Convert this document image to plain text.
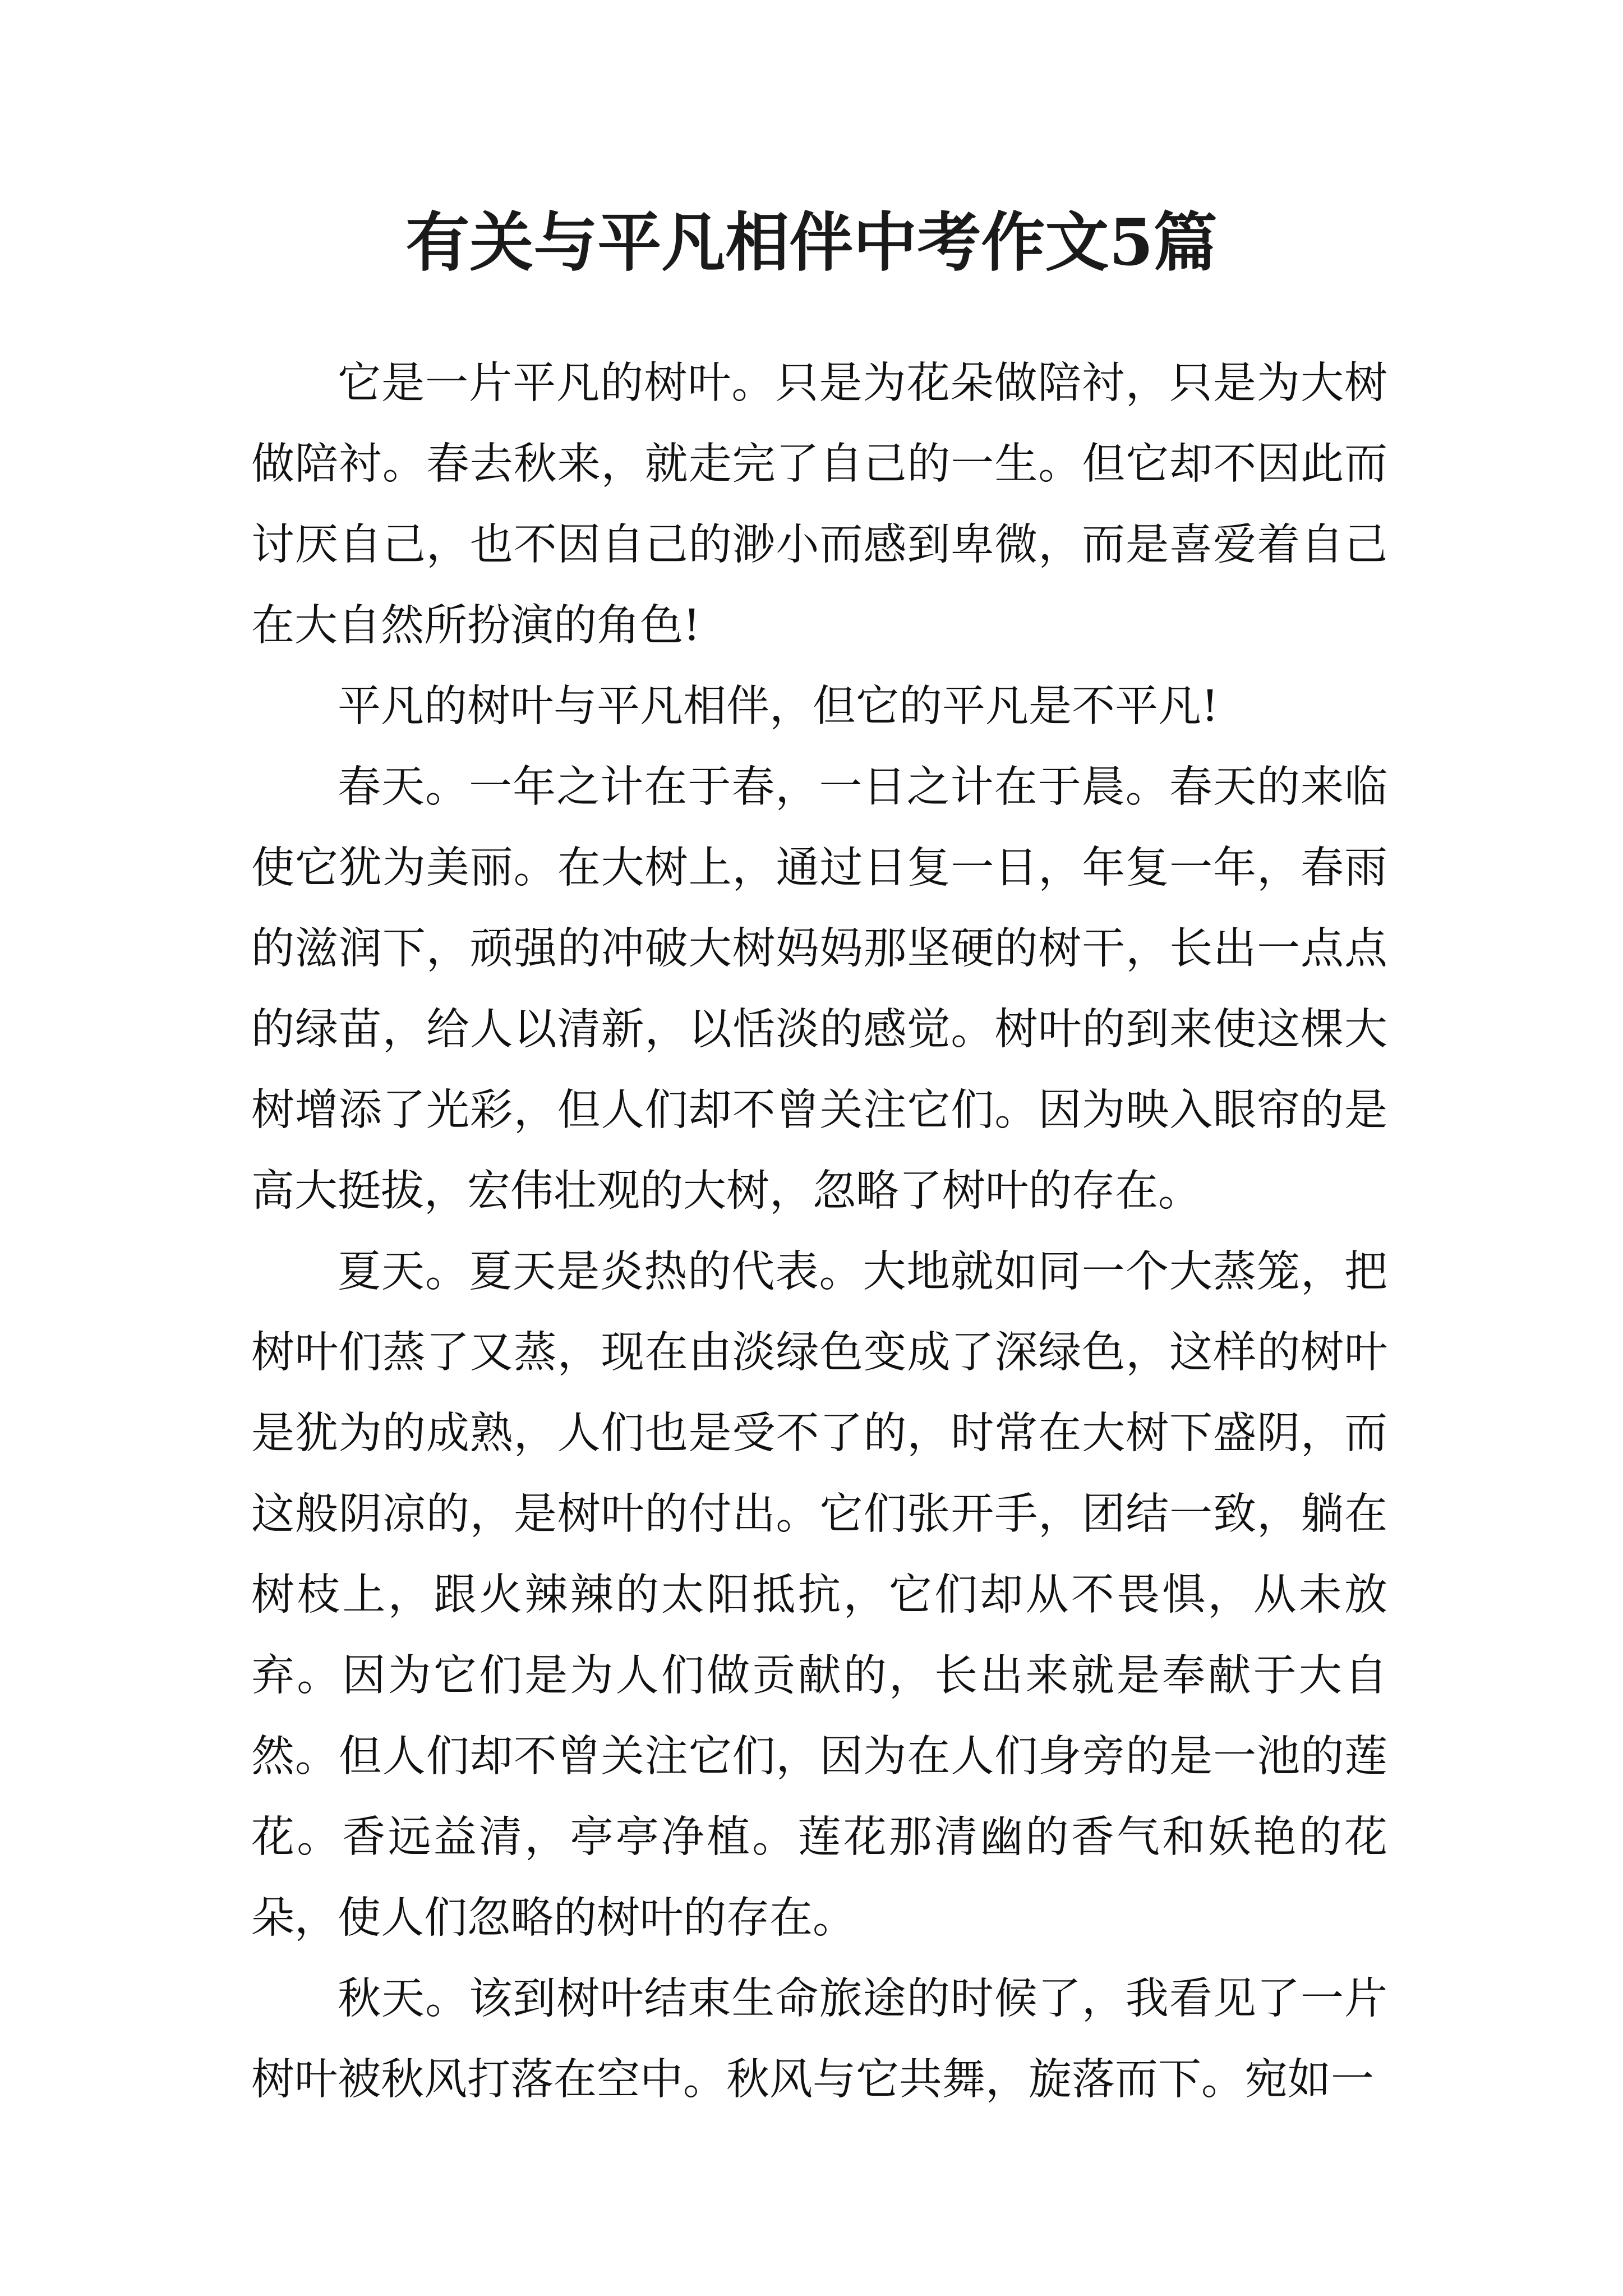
有关与平凡相伴中考作文5篇

它是一片平凡的树叶。只是为花朵做陪衬，只是为大树做陪衬。春去秋来，就走完了自己的一生。但它却不因此而讨厌自己，也不因自己的渺小而感到卑微，而是喜爱着自己在大自然所扮演的角色!

平凡的树叶与平凡相伴，但它的平凡是不平凡!

春天。一年之计在于春，一日之计在于晨。春天的来临使它犹为美丽。在大树上，通过日复一日，年复一年，春雨的滋润下，顽强的冲破大树妈妈那坚硬的树干，长出一点点的绿苗，给人以清新，以恬淡的感觉。树叶的到来使这棵大树增添了光彩，但人们却不曾关注它们。因为映入眼帘的是高大挺拔，宏伟壮观的大树，忽略了树叶的存在。

夏天。夏天是炎热的代表。大地就如同一个大蒸笼，把树叶们蒸了又蒸，现在由淡绿色变成了深绿色，这样的树叶是犹为的成熟，人们也是受不了的，时常在大树下盛阴，而这般阴凉的，是树叶的付出。它们张开手，团结一致，躺在树枝上，跟火辣辣的太阳抵抗，它们却从不畏惧，从未放弃。因为它们是为人们做贡献的，长出来就是奉献于大自然。但人们却不曾关注它们，因为在人们身旁的是一池的莲花。香远益清，亭亭净植。莲花那清幽的香气和妖艳的花朵，使人们忽略的树叶的存在。

秋天。该到树叶结束生命旅途的时候了，我看见了一片树叶被秋风打落在空中。秋风与它共舞，旋落而下。宛如一
